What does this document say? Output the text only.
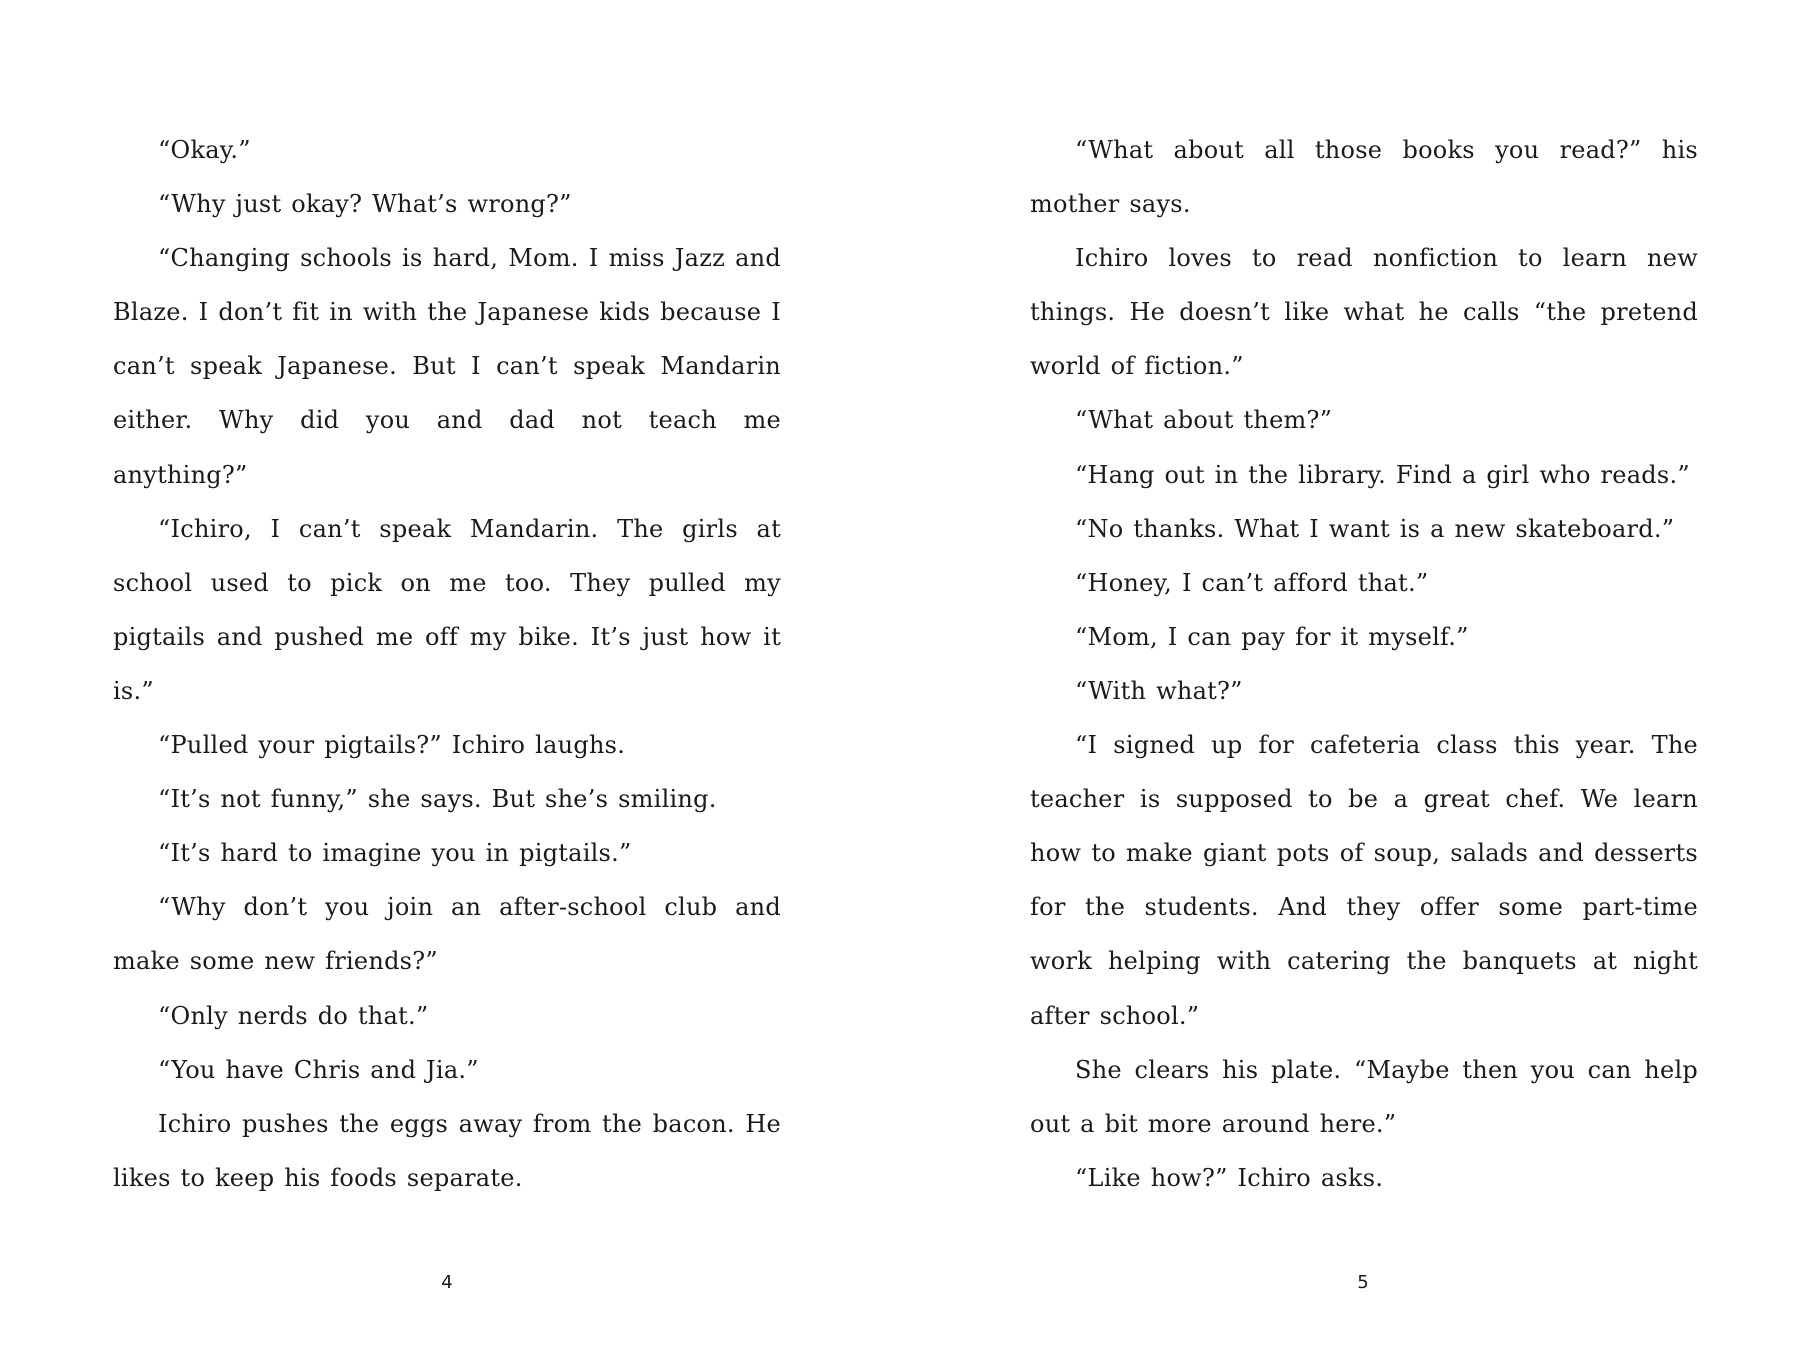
“Okay.”

“Why just okay? What’s wrong?”

“Changing schools is hard, Mom. I miss Jazz and Blaze. I don’t fit in with the Japanese kids because I can’t speak Japanese. But I can’t speak Mandarin either. Why did you and dad not teach me anything?”

“Ichiro, I can’t speak Mandarin. The girls at school used to pick on me too. They pulled my pigtails and pushed me off my bike. It’s just how it is.”

“Pulled your pigtails?” Ichiro laughs.

“It’s not funny,” she says. But she’s smiling.

“It’s hard to imagine you in pigtails.”

“Why don’t you join an after-school club and make some new friends?”

“Only nerds do that.”

“You have Chris and Jia.”

Ichiro pushes the eggs away from the bacon. He likes to keep his foods separate.

4

“What about all those books you read?” his mother says.

Ichiro loves to read nonfiction to learn new things. He doesn’t like what he calls “the pretend world of fiction.”

“What about them?”

“Hang out in the library. Find a girl who reads.”

“No thanks. What I want is a new skateboard.”

“Honey, I can’t afford that.”

“Mom, I can pay for it myself.”

“With what?”

“I signed up for cafeteria class this year. The teacher is supposed to be a great chef. We learn how to make giant pots of soup, salads and desserts for the students. And they offer some part-time work helping with catering the banquets at night after school.”

She clears his plate. “Maybe then you can help out a bit more around here.”

“Like how?” Ichiro asks.

5
